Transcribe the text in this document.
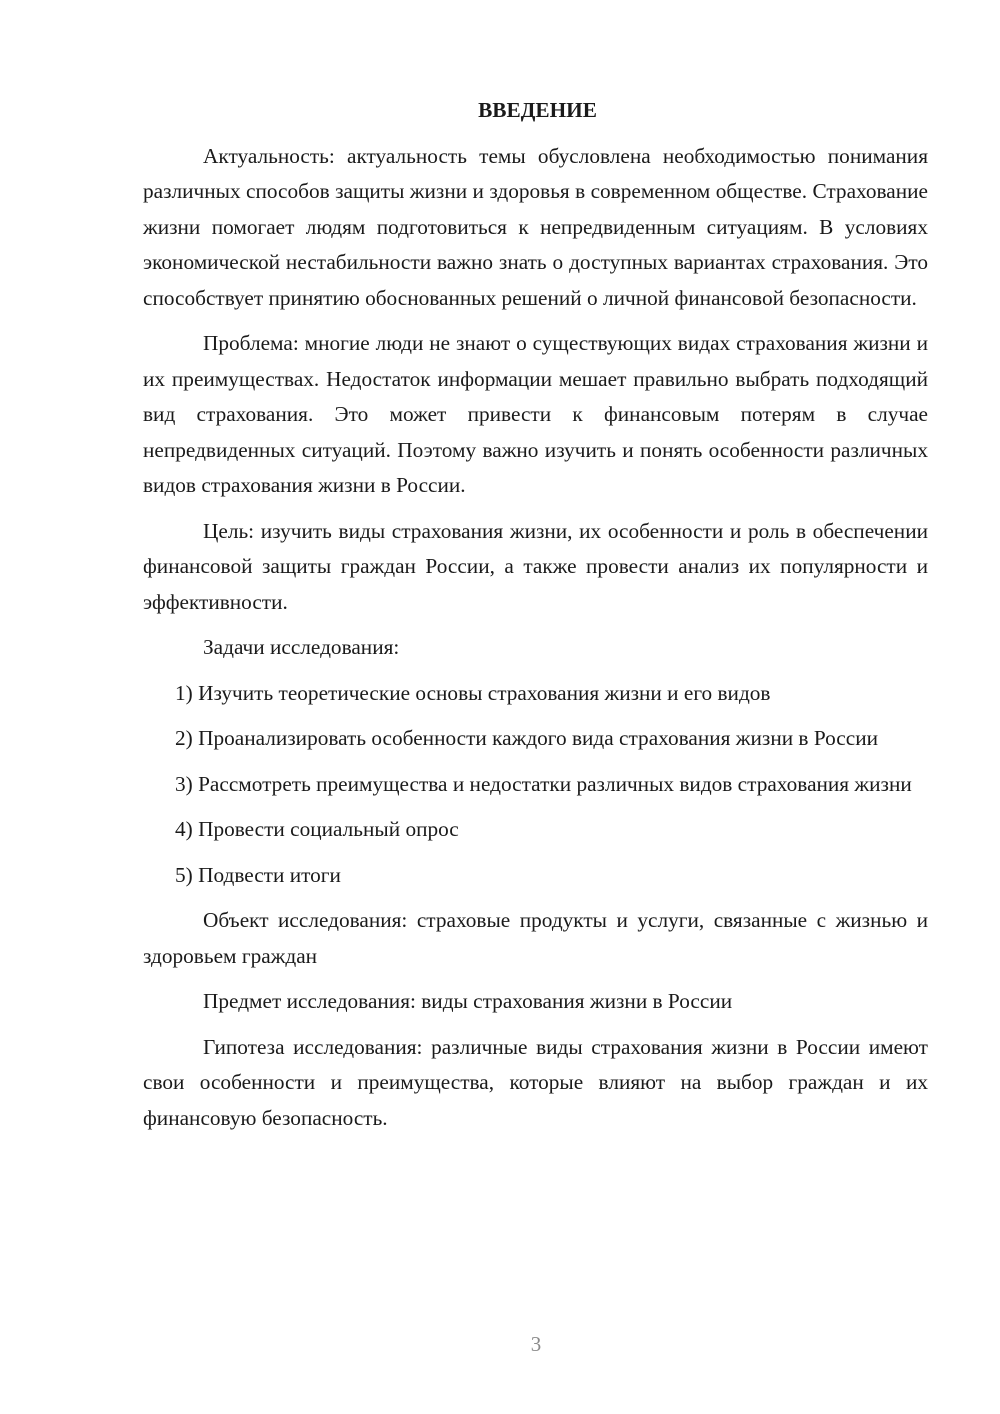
ВВЕДЕНИЕ

Актуальность: актуальность темы обусловлена необходимостью понимания различных способов защиты жизни и здоровья в современном обществе. Страхование жизни помогает людям подготовиться к непредвиденным ситуациям. В условиях экономической нестабильности важно знать о доступных вариантах страхования. Это способствует принятию обоснованных решений о личной финансовой безопасности.

Проблема: многие люди не знают о существующих видах страхования жизни и их преимуществах. Недостаток информации мешает правильно выбрать подходящий вид страхования. Это может привести к финансовым потерям в случае непредвиденных ситуаций. Поэтому важно изучить и понять особенности различных видов страхования жизни в России.

Цель: изучить виды страхования жизни, их особенности и роль в обеспечении финансовой защиты граждан России, а также провести анализ их популярности и эффективности.

Задачи исследования:

1) Изучить теоретические основы страхования жизни и его видов

2) Проанализировать особенности каждого вида страхования жизни в России

3) Рассмотреть преимущества и недостатки различных видов страхования жизни

4) Провести социальный опрос

5) Подвести итоги

Объект исследования: страховые продукты и услуги, связанные с жизнью и здоровьем граждан

Предмет исследования: виды страхования жизни в России

Гипотеза исследования: различные виды страхования жизни в России имеют свои особенности и преимущества, которые влияют на выбор граждан и их финансовую безопасность.

3
